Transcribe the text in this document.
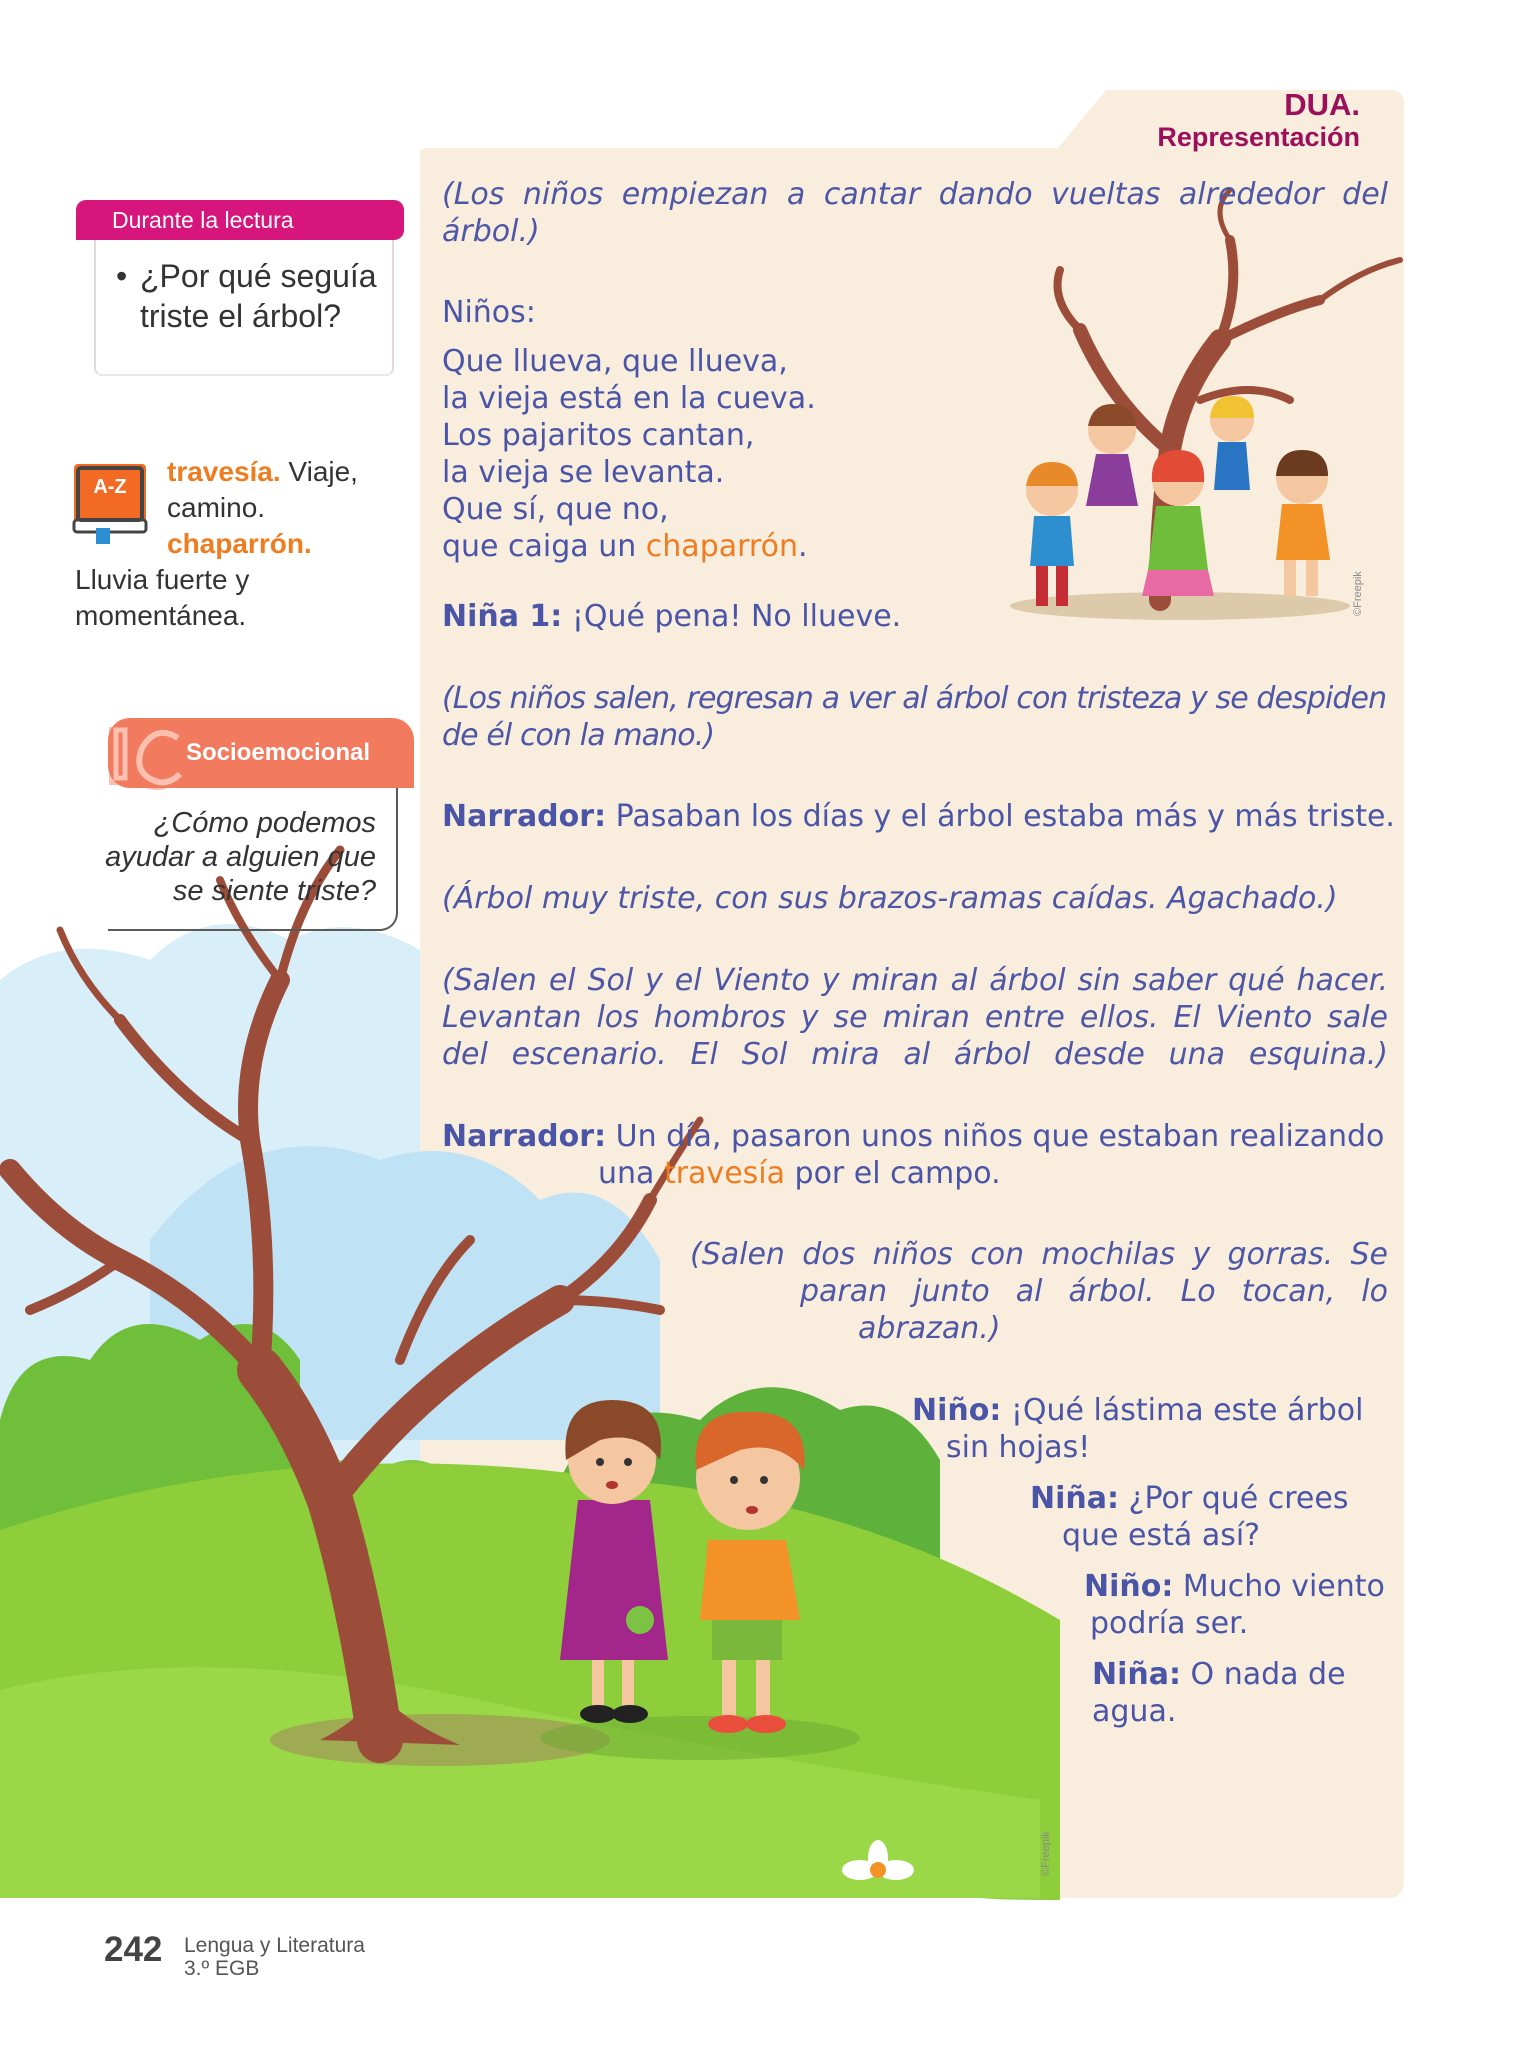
DUA.
Representación
Durante la lectura
• ¿Por qué seguía triste el árbol?
travesía. Viaje, camino.
chaparrón.
Lluvia fuerte y momentánea.
A-Z
Socioemocional
¿Cómo podemos ayudar a alguien que se siente triste?
(Los niños empiezan a cantar dando vueltas alrededor del árbol.)
Niños:
Que llueva, que llueva,
la vieja está en la cueva.
Los pajaritos cantan,
la vieja se levanta.
Que sí, que no,
que caiga un chaparrón.
Niña 1: ¡Qué pena! No llueve.
(Los niños salen, regresan a ver al árbol con tristeza y se despiden de él con la mano.)
Narrador: Pasaban los días y el árbol estaba más y más triste.
(Árbol muy triste, con sus brazos-ramas caídas. Agachado.)
(Salen el Sol y el Viento y miran al árbol sin saber qué hacer. Levantan los hombros y se miran entre ellos. El Viento sale del escenario. El Sol mira al árbol desde una esquina.)
Narrador: Un día, pasaron unos niños que estaban realizando
una travesía por el campo.
(Salen dos niños con mochilas y gorras. Se
paran junto al árbol. Lo tocan, lo
abrazan.)
Niño: ¡Qué lástima este árbol
sin hojas!
Niña: ¿Por qué crees
que está así?
Niño: Mucho viento
podría ser.
Niña: O nada de
agua.
©Freepik
©Freepik
242 Lengua y Literatura
3.º EGB
